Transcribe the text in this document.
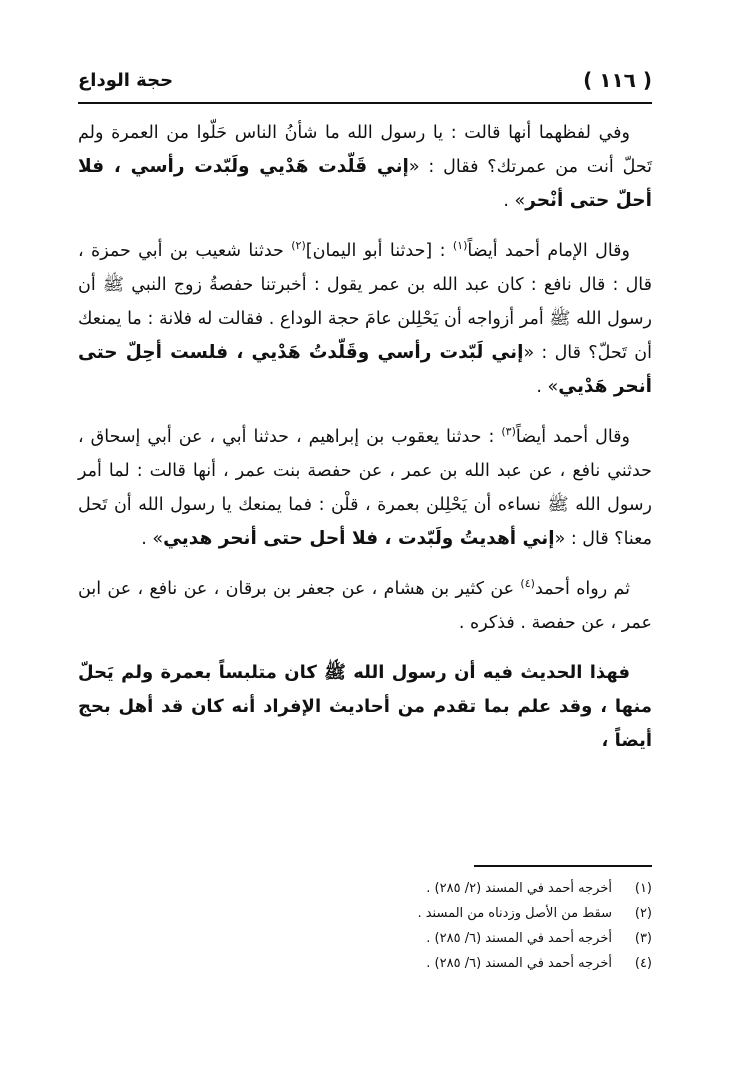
( ١١٦ )
حجة الوداع

وفي لفظهما أنها قالت : يا رسول الله ما شأنُ الناس حَلّوا من العمرة ولم تَحلّ أنت من عمرتك؟ فقال : «إني قَلّدت هَدْيي ولَبّدت رأسي ، فلا أحلّ حتى أنْحر» .

وقال الإمام أحمد أيضاً$^{(١)}$ : [حدثنا أبو اليمان]$^{(٢)}$ حدثنا شعيب بن أبي حمزة ، قال : قال نافع : كان عبد الله بن عمر يقول : أخبرتنا حفصةُ زوج النبي ﷺ أن رسول الله ﷺ أمر أزواجه أن يَحْلِلن عامَ حجة الوداع . فقالت له فلانة : ما يمنعك أن تَحلّ؟ قال : «إني لَبّدت رأسي وقَلّدتُ هَدْيي ، فلست أحِلّ حتى أنحر هَدْيي» .

وقال أحمد أيضاً$^{(٣)}$ : حدثنا يعقوب بن إبراهيم ، حدثنا أبي ، عن أبي إسحاق ، حدثني نافع ، عن عبد الله بن عمر ، عن حفصة بنت عمر ، أنها قالت : لما أمر رسول الله ﷺ نساءه أن يَحْلِلن بعمرة ، قلْن : فما يمنعك يا رسول الله أن تَحل معنا؟ قال : «إني أهديتُ ولَبّدت ، فلا أحل حتى أنحر هديي» .

ثم رواه أحمد$^{(٤)}$ عن كثير بن هشام ، عن جعفر بن برقان ، عن نافع ، عن ابن عمر ، عن حفصة . فذكره .

فهذا الحديث فيه أن رسول الله ﷺ كان متلبساً بعمرة ولم يَحلّ منها ، وقد علم بما تقدم من أحاديث الإفراد أنه كان قد أهل بحج أيضاً ،

(١)أخرجه أحمد في المسند (٢/ ٢٨٥) .
(٢)سقط من الأصل وزدناه من المسند .
(٣)أخرجه أحمد في المسند (٦/ ٢٨٥) .
(٤)أخرجه أحمد في المسند (٦/ ٢٨٥) .
